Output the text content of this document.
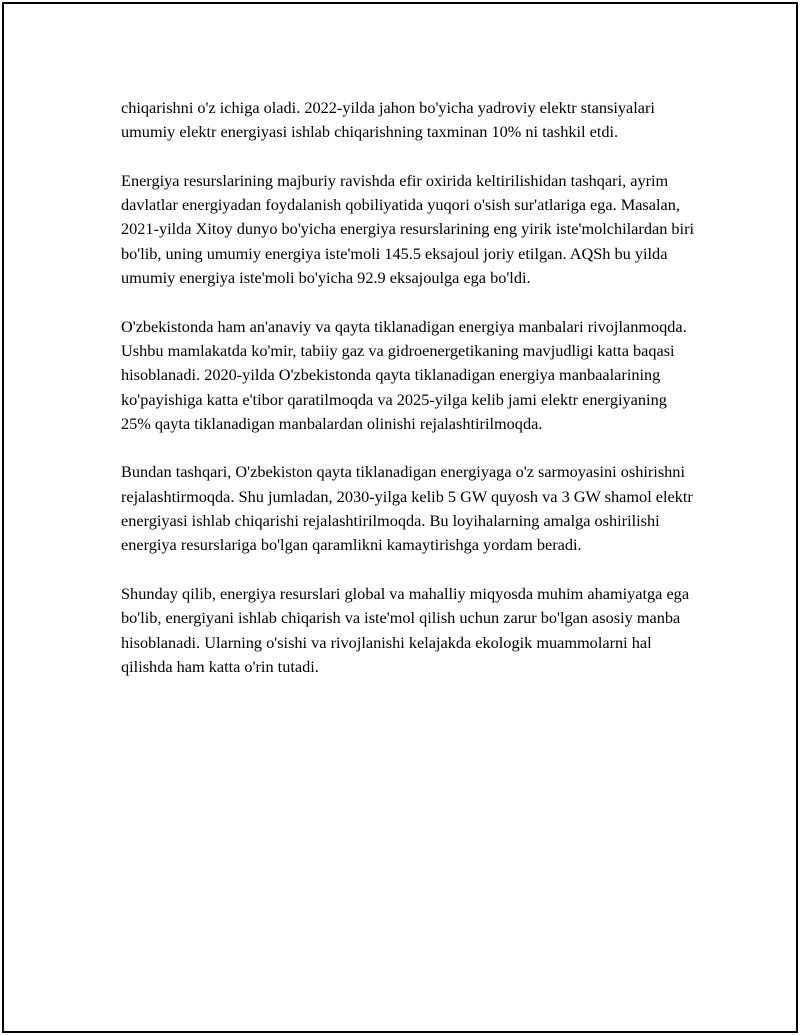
chiqarishni o'z ichiga oladi. 2022-yilda jahon bo'yicha yadroviy elektr stansiyalari umumiy elektr energiyasi ishlab chiqarishning taxminan 10% ni tashkil etdi.

Energiya resurslarining majburiy ravishda efir oxirida keltirilishidan tashqari, ayrim davlatlar energiyadan foydalanish qobiliyatida yuqori o'sish sur'atlariga ega. Masalan, 2021-yilda Xitoy dunyo bo'yicha energiya resurslarining eng yirik iste'molchilardan biri bo'lib, uning umumiy energiya iste'moli 145.5 eksajoul joriy etilgan. AQSh bu yilda umumiy energiya iste'moli bo'yicha 92.9 eksajoulga ega bo'ldi.

O'zbekistonda ham an'anaviy va qayta tiklanadigan energiya manbalari rivojlanmoqda. Ushbu mamlakatda ko'mir, tabiiy gaz va gidroenergetikaning mavjudligi katta baqasi hisoblanadi. 2020-yilda O'zbekistonda qayta tiklanadigan energiya manbaalarining ko'payishiga katta e'tibor qaratilmoqda va 2025-yilga kelib jami elektr energiyaning 25% qayta tiklanadigan manbalardan olinishi rejalashtirilmoqda.

Bundan tashqari, O'zbekiston qayta tiklanadigan energiyaga o'z sarmoyasini oshirishni rejalashtirmoqda. Shu jumladan, 2030-yilga kelib 5 GW quyosh va 3 GW shamol elektr energiyasi ishlab chiqarishi rejalashtirilmoqda. Bu loyihalarning amalga oshirilishi energiya resurslariga bo'lgan qaramlikni kamaytirishga yordam beradi.

Shunday qilib, energiya resurslari global va mahalliy miqyosda muhim ahamiyatga ega bo'lib, energiyani ishlab chiqarish va iste'mol qilish uchun zarur bo'lgan asosiy manba hisoblanadi. Ularning o'sishi va rivojlanishi kelajakda ekologik muammolarni hal qilishda ham katta o'rin tutadi.
